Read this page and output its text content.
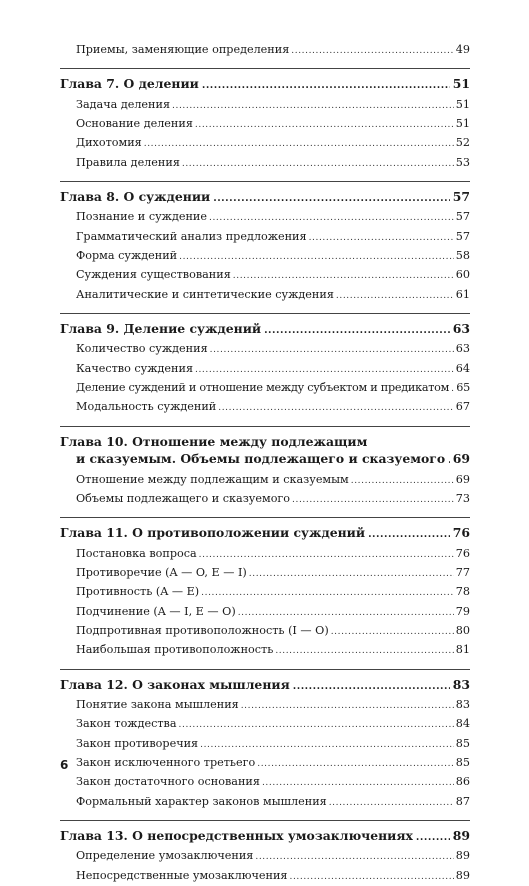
Приемы, заменяющие определения .....	49
Глава 7. О делении .....	51
Задача деления .....	51
Основание деления .....	51
Дихотомия .....	52
Правила деления .....	53
Глава 8. О суждении .....	57
Познание и суждение .....	57
Грамматический анализ предложения .....	57
Форма суждений .....	58
Суждения существования .....	60
Аналитические и синтетические суждения .....	61
Глава 9. Деление суждений .....	63
Количество суждения .....	63
Качество суждения .....	64
Деление суждений и отношение между субъектом и предикатом ..... 65
Модальность суждений .....	67
Глава 10. Отношение между подлежащим
и сказуемым. Объемы подлежащего и сказуемого ..... 69
Отношение между подлежащим и сказуемым .....	69
Объемы подлежащего и сказуемого .....	73
Глава 11. О противоположении суждений .....	76
Постановка вопроса .....	76
Противоречие (A — O, E — I) .....	77
Противность (A — E) .....	78
Подчинение (A — I, E — O) .....	79
Подпротивная противоположность (I — O) .....	80
Наибольшая противоположность .....	81
Глава 12. О законах мышления .....	83
Понятие закона мышления .....	83
Закон тождества .....	84
Закон противоречия .....	85
Закон исключенного третьего .....	85
Закон достаточного основания .....	86
Формальный характер законов мышления .....	87
Глава 13. О непосредственных умозаключениях .....	89
Определение умозаключения .....	89
Непосредственные умозаключения .....	89
6
